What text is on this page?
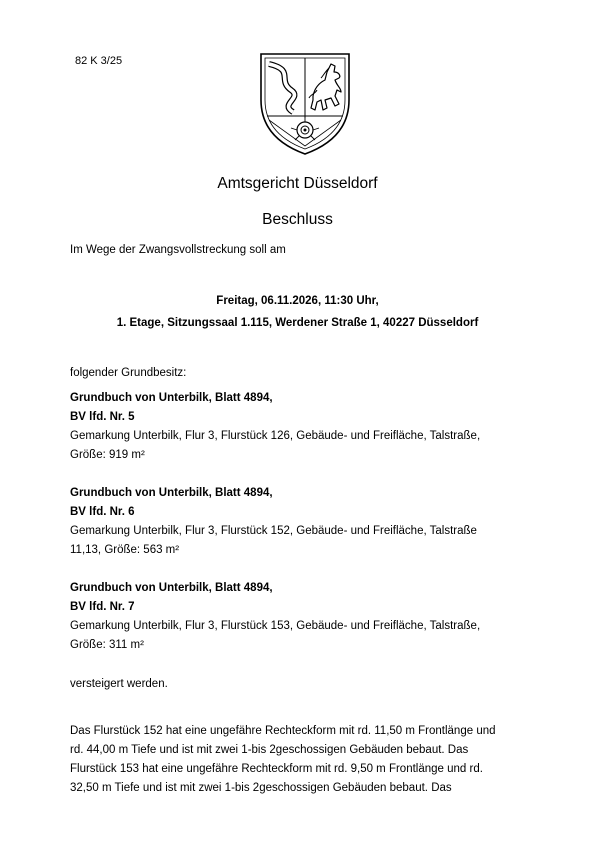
82 K 3/25
Amtsgericht Düsseldorf
Beschluss
Im Wege der Zwangsvollstreckung soll am
Freitag, 06.11.2026, 11:30 Uhr,
1. Etage, Sitzungssaal 1.115, Werdener Straße 1, 40227 Düsseldorf
folgender Grundbesitz:
Grundbuch von Unterbilk, Blatt 4894,
BV lfd. Nr. 5
Gemarkung Unterbilk, Flur 3, Flurstück 126, Gebäude- und Freifläche, Talstraße,
Größe: 919 m²
Grundbuch von Unterbilk, Blatt 4894,
BV lfd. Nr. 6
Gemarkung Unterbilk, Flur 3, Flurstück 152, Gebäude- und Freifläche, Talstraße
11,13, Größe: 563 m²
Grundbuch von Unterbilk, Blatt 4894,
BV lfd. Nr. 7
Gemarkung Unterbilk, Flur 3, Flurstück 153, Gebäude- und Freifläche, Talstraße,
Größe: 311 m²
versteigert werden.
Das Flurstück 152 hat eine ungefähre Rechteckform mit rd. 11,50 m Frontlänge und
rd. 44,00 m Tiefe und ist mit zwei 1-bis 2geschossigen Gebäuden bebaut. Das
Flurstück 153 hat eine ungefähre Rechteckform mit rd. 9,50 m Frontlänge und rd.
32,50 m Tiefe und ist mit zwei 1-bis 2geschossigen Gebäuden bebaut. Das
